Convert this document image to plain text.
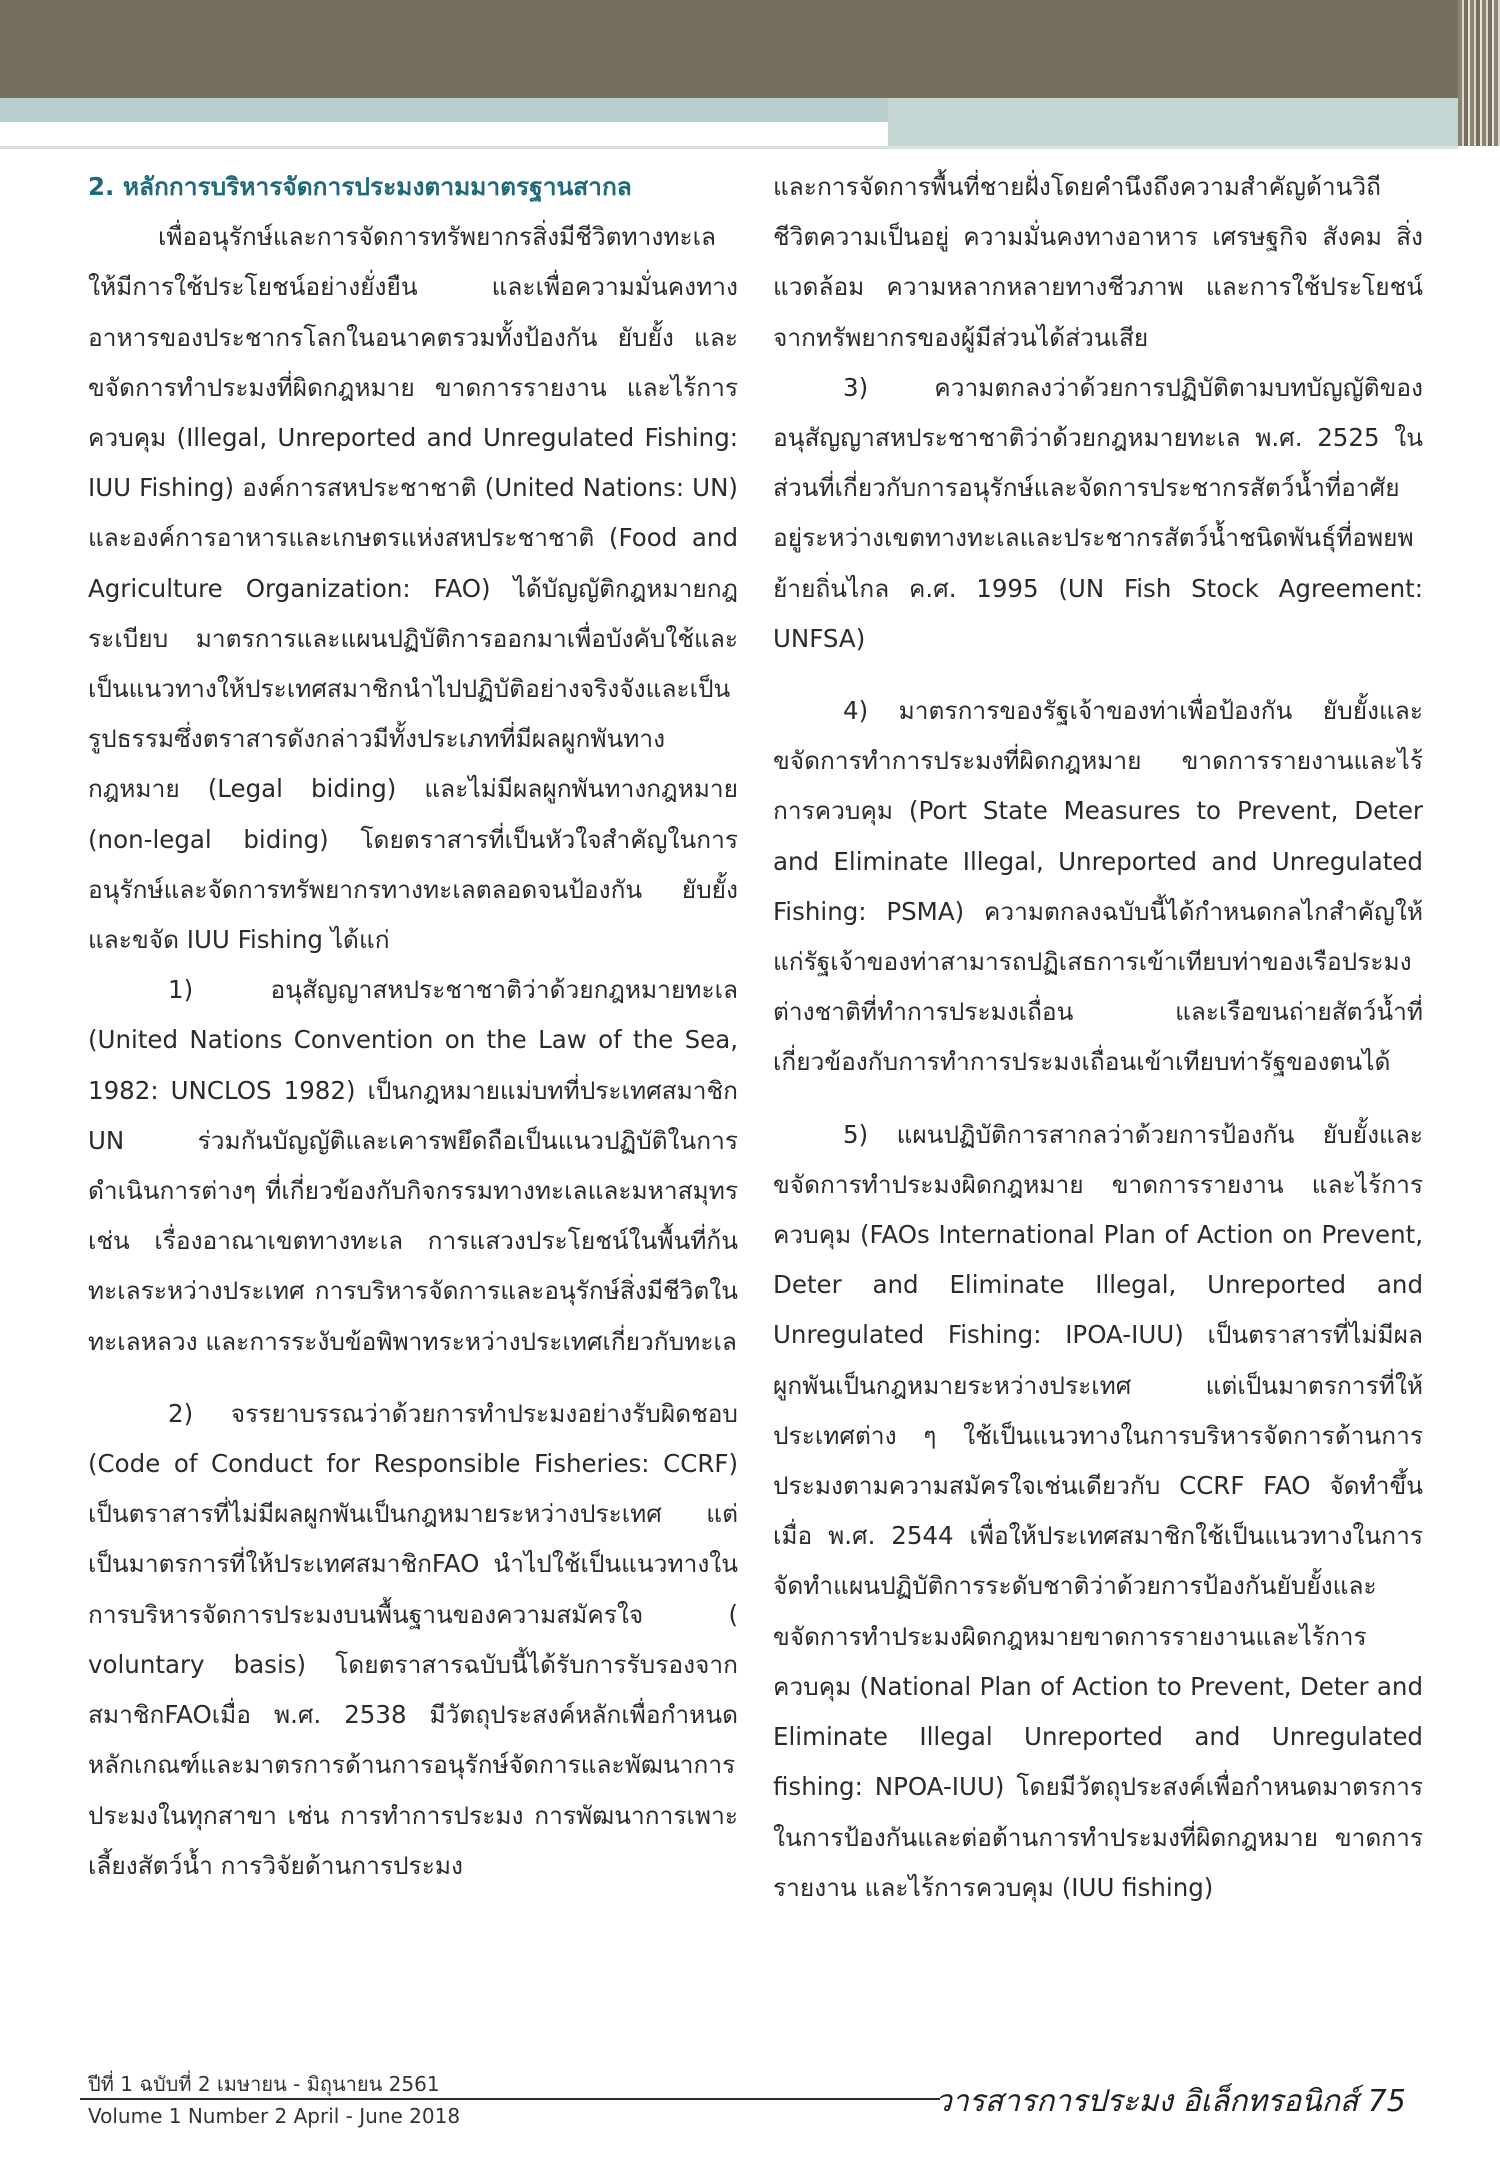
2. หลักการบริหารจัดการประมงตามมาตรฐานสากล

เพื่ออนุรักษ์และการจัดการทรัพยากรสิ่งมีชีวิตทางทะเลให้มีการใช้ประโยชน์อย่างยั่งยืน และเพื่อความมั่นคงทางอาหารของประชากรโลกในอนาคตรวมทั้งป้องกัน ยับยั้ง และขจัดการทำประมงที่ผิดกฎหมาย ขาดการรายงาน และไร้การควบคุม (Illegal, Unreported and Unregulated Fishing: IUU Fishing) องค์การสหประชาชาติ (United Nations: UN) และองค์การอาหารและเกษตรแห่งสหประชาชาติ (Food and Agriculture Organization: FAO) ได้บัญญัติกฎหมายกฎระเบียบ มาตรการและแผนปฏิบัติการออกมาเพื่อบังคับใช้และเป็นแนวทางให้ประเทศสมาชิกนำไปปฏิบัติอย่างจริงจังและเป็นรูปธรรมซึ่งตราสารดังกล่าวมีทั้งประเภทที่มีผลผูกพันทางกฎหมาย (Legal biding) และไม่มีผลผูกพันทางกฎหมาย (non-legal biding) โดยตราสารที่เป็นหัวใจสำคัญในการอนุรักษ์และจัดการทรัพยากรทางทะเลตลอดจนป้องกัน ยับยั้ง และขจัด IUU Fishing ได้แก่

1) อนุสัญญาสหประชาชาติว่าด้วยกฎหมายทะเล (United Nations Convention on the Law of the Sea, 1982: UNCLOS 1982) เป็นกฎหมายแม่บทที่ประเทศสมาชิก UN ร่วมกันบัญญัติและเคารพยึดถือเป็นแนวปฏิบัติในการดำเนินการต่างๆ ที่เกี่ยวข้องกับกิจกรรมทางทะเลและมหาสมุทร เช่น เรื่องอาณาเขตทางทะเล การแสวงประโยชน์ในพื้นที่ก้นทะเลระหว่างประเทศ การบริหารจัดการและอนุรักษ์สิ่งมีชีวิตในทะเลหลวง และการระงับข้อพิพาทระหว่างประเทศเกี่ยวกับทะเล

2) จรรยาบรรณว่าด้วยการทำประมงอย่างรับผิดชอบ (Code of Conduct for Responsible Fisheries: CCRF) เป็นตราสารที่ไม่มีผลผูกพันเป็นกฎหมายระหว่างประเทศ แต่เป็นมาตรการที่ให้ประเทศสมาชิกFAO นำไปใช้เป็นแนวทางในการบริหารจัดการประมงบนพื้นฐานของความสมัครใจ ( voluntary basis) โดยตราสารฉบับนี้ได้รับการรับรองจากสมาชิกFAOเมื่อ พ.ศ. 2538 มีวัตถุประสงค์หลักเพื่อกำหนดหลักเกณฑ์และมาตรการด้านการอนุรักษ์จัดการและพัฒนาการประมงในทุกสาขา เช่น การทำการประมง การพัฒนาการเพาะเลี้ยงสัตว์น้ำ การวิจัยด้านการประมง

และการจัดการพื้นที่ชายฝั่งโดยคำนึงถึงความสำคัญด้านวิถีชีวิตความเป็นอยู่ ความมั่นคงทางอาหาร เศรษฐกิจ สังคม สิ่งแวดล้อม ความหลากหลายทางชีวภาพ และการใช้ประโยชน์จากทรัพยากรของผู้มีส่วนได้ส่วนเสีย

3) ความตกลงว่าด้วยการปฏิบัติตามบทบัญญัติของอนุสัญญาสหประชาชาติว่าด้วยกฎหมายทะเล พ.ศ. 2525 ในส่วนที่เกี่ยวกับการอนุรักษ์และจัดการประชากรสัตว์น้ำที่อาศัยอยู่ระหว่างเขตทางทะเลและประชากรสัตว์น้ำชนิดพันธุ์ที่อพยพย้ายถิ่นไกล ค.ศ. 1995 (UN Fish Stock Agreement: UNFSA)

4) มาตรการของรัฐเจ้าของท่าเพื่อป้องกัน ยับยั้งและขจัดการทำการประมงที่ผิดกฎหมาย ขาดการรายงานและไร้การควบคุม (Port State Measures to Prevent, Deter and Eliminate Illegal, Unreported and Unregulated Fishing: PSMA) ความตกลงฉบับนี้ได้กำหนดกลไกสำคัญให้แก่รัฐเจ้าของท่าสามารถปฏิเสธการเข้าเทียบท่าของเรือประมงต่างชาติที่ทำการประมงเถื่อน และเรือขนถ่ายสัตว์น้ำที่เกี่ยวข้องกับการทำการประมงเถื่อนเข้าเทียบท่ารัฐของตนได้

5) แผนปฏิบัติการสากลว่าด้วยการป้องกัน ยับยั้งและขจัดการทำประมงผิดกฎหมาย ขาดการรายงาน และไร้การควบคุม (FAOs International Plan of Action on Prevent, Deter and Eliminate Illegal, Unreported and Unregulated Fishing: IPOA-IUU) เป็นตราสารที่ไม่มีผลผูกพันเป็นกฎหมายระหว่างประเทศ แต่เป็นมาตรการที่ให้ประเทศต่าง ๆ ใช้เป็นแนวทางในการบริหารจัดการด้านการประมงตามความสมัครใจเช่นเดียวกับ CCRF FAO จัดทำขึ้นเมื่อ พ.ศ. 2544 เพื่อให้ประเทศสมาชิกใช้เป็นแนวทางในการจัดทำแผนปฏิบัติการระดับชาติว่าด้วยการป้องกันยับยั้งและขจัดการทำประมงผิดกฎหมายขาดการรายงานและไร้การควบคุม (National Plan of Action to Prevent, Deter and Eliminate Illegal Unreported and Unregulated fishing: NPOA-IUU) โดยมีวัตถุประสงค์เพื่อกำหนดมาตรการในการป้องกันและต่อต้านการทำประมงที่ผิดกฎหมาย ขาดการรายงาน และไร้การควบคุม (IUU fishing)

ปีที่ 1 ฉบับที่ 2 เมษายน - มิถุนายน 2561
Volume 1 Number 2 April - June 2018	วารสารการประมง อิเล็กทรอนิกส์ 75
